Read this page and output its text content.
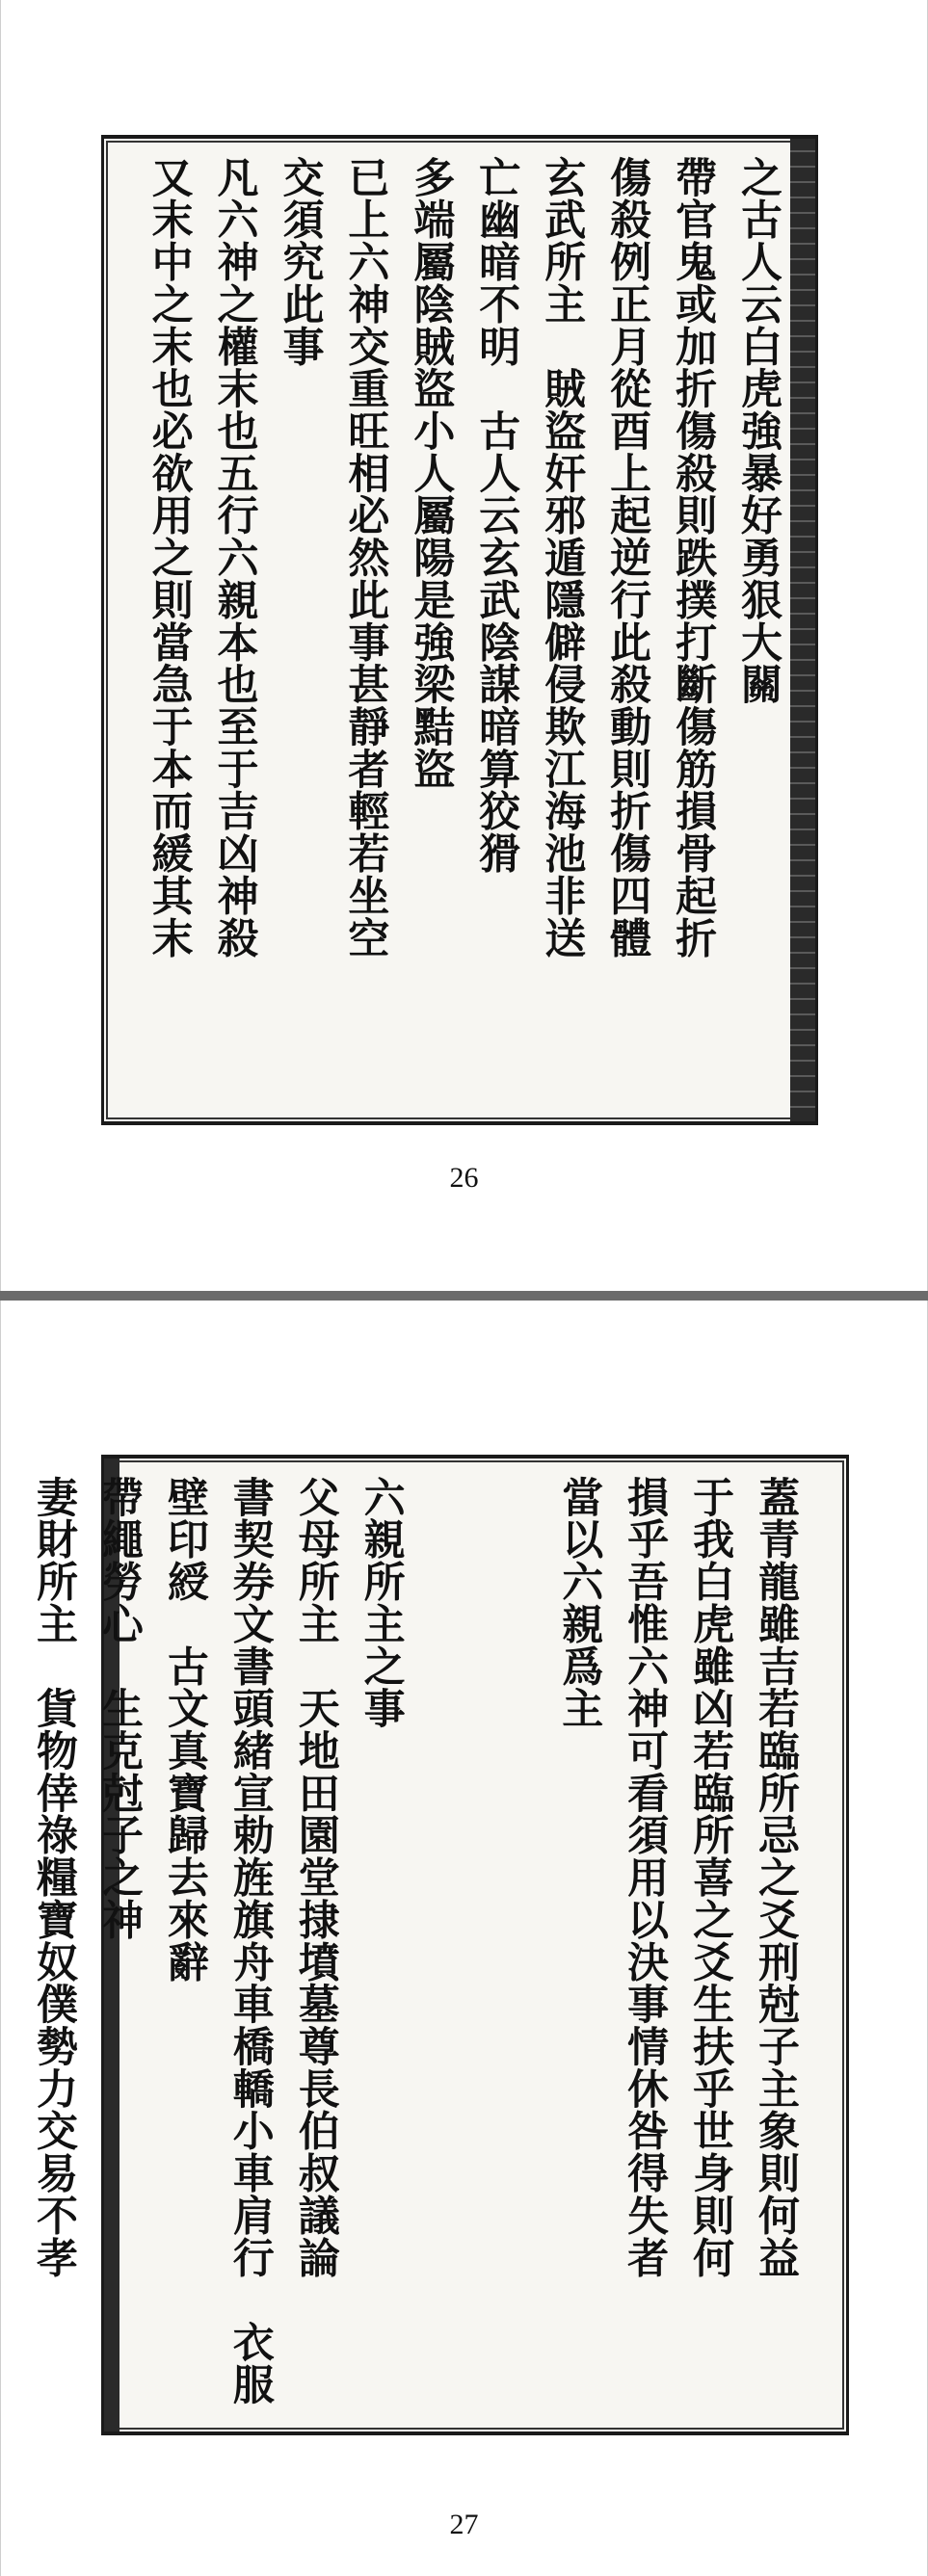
之古人云白虎強暴好勇狠大關
帶官鬼或加折傷殺則跌撲打斷傷筋損骨起折
傷殺例正月從酉上起逆行此殺動則折傷四體
玄武所主　賊盜奸邪遁隱僻侵欺江海池非送
亡幽暗不明　古人云玄武陰謀暗算狡猾
多端屬陰賊盜小人屬陽是強梁黠盜
已上六神交重旺相必然此事甚靜者輕若坐空
交須究此事
凡六神之權末也五行六親本也至于吉凶神殺
又末中之末也必欲用之則當急于本而緩其末
26
蓋青龍雖吉若臨所忌之爻刑尅子主象則何益
于我白虎雖凶若臨所喜之爻生扶乎世身則何
損乎吾惟六神可看須用以決事情休咎得失者
當以六親爲主
六親所主之事
父母所主　天地田園堂捸墳墓尊長伯叔議論
書契券文書頭緒宣勅旌旗舟車橋轎小車肩行　衣服
壁印綬　古文真寶歸去來辭
帶繩勞心　生克尅子之神
妻財所主　貨物倖祿糧寶奴僕勢力交易不孝
27
